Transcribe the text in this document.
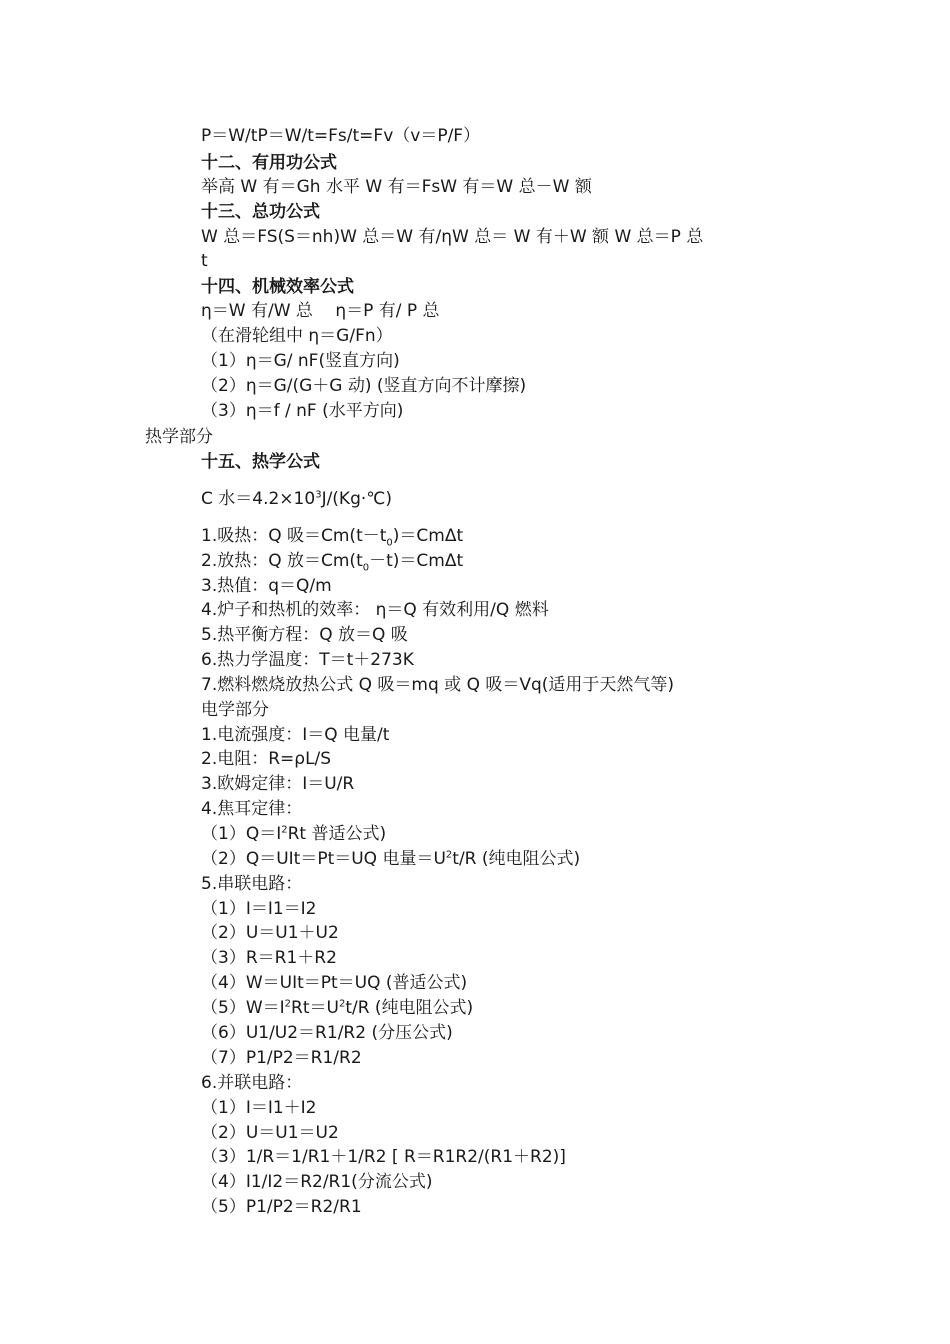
P＝W/tP＝W/t=Fs/t=Fv（v＝P/F）
十二、有用功公式
举高 W 有＝Gh 水平 W 有＝FsW 有＝W 总－W 额
十三、总功公式
W 总＝FS(S＝nh)W 总＝W 有/ηW 总＝ W 有＋W 额 W 总＝P 总
t
十四、机械效率公式
η＝W 有/W 总　 η＝P 有/ P 总
（在滑轮组中 η＝G/Fn）
（1）η＝G/ nF(竖直方向)
（2）η＝G/(G＋G 动) (竖直方向不计摩擦)
（3）η＝f / nF (水平方向)
热学部分
十五、热学公式
C 水$=4.2\times 10^3J/(Kg\cdot℃)$
1.吸热：Q 吸$=Cm(t-t_0)=Cm\Delta t$
2.放热：Q 放$=Cm(t_0-t)=Cm\Delta t$
3.热值：q＝Q/m
4.炉子和热机的效率： η＝Q 有效利用/Q 燃料
5.热平衡方程：Q 放＝Q 吸
6.热力学温度：T＝t＋273K
7.燃料燃烧放热公式 Q 吸＝mq 或 Q 吸＝Vq(适用于天然气等)
电学部分
1.电流强度：I＝Q 电量/t
2.电阻：R=ρL/S
3.欧姆定律：I＝U/R
4.焦耳定律：
$(1)Q=I^2Rt$ 普适公式)
（2）Q＝UIt＝Pt＝UQ 电量$=U^2t/R$ (纯电阻公式)
5.串联电路：
（1）I＝I1＝I2
（2）U＝U1＋U2
（3）R＝R1＋R2
（4）W＝UIt＝Pt＝UQ (普适公式)
$(5)W=I^2Rt=U^2t/R$ (纯电阻公式)
（6）U1/U2＝R1/R2 (分压公式)
（7）P1/P2＝R1/R2
6.并联电路：
（1）I＝I1＋I2
（2）U＝U1＝U2
（3）1/R＝1/R1＋1/R2 [ R＝R1R2/(R1＋R2)]
（4）I1/I2＝R2/R1(分流公式)
（5）P1/P2＝R2/R1
